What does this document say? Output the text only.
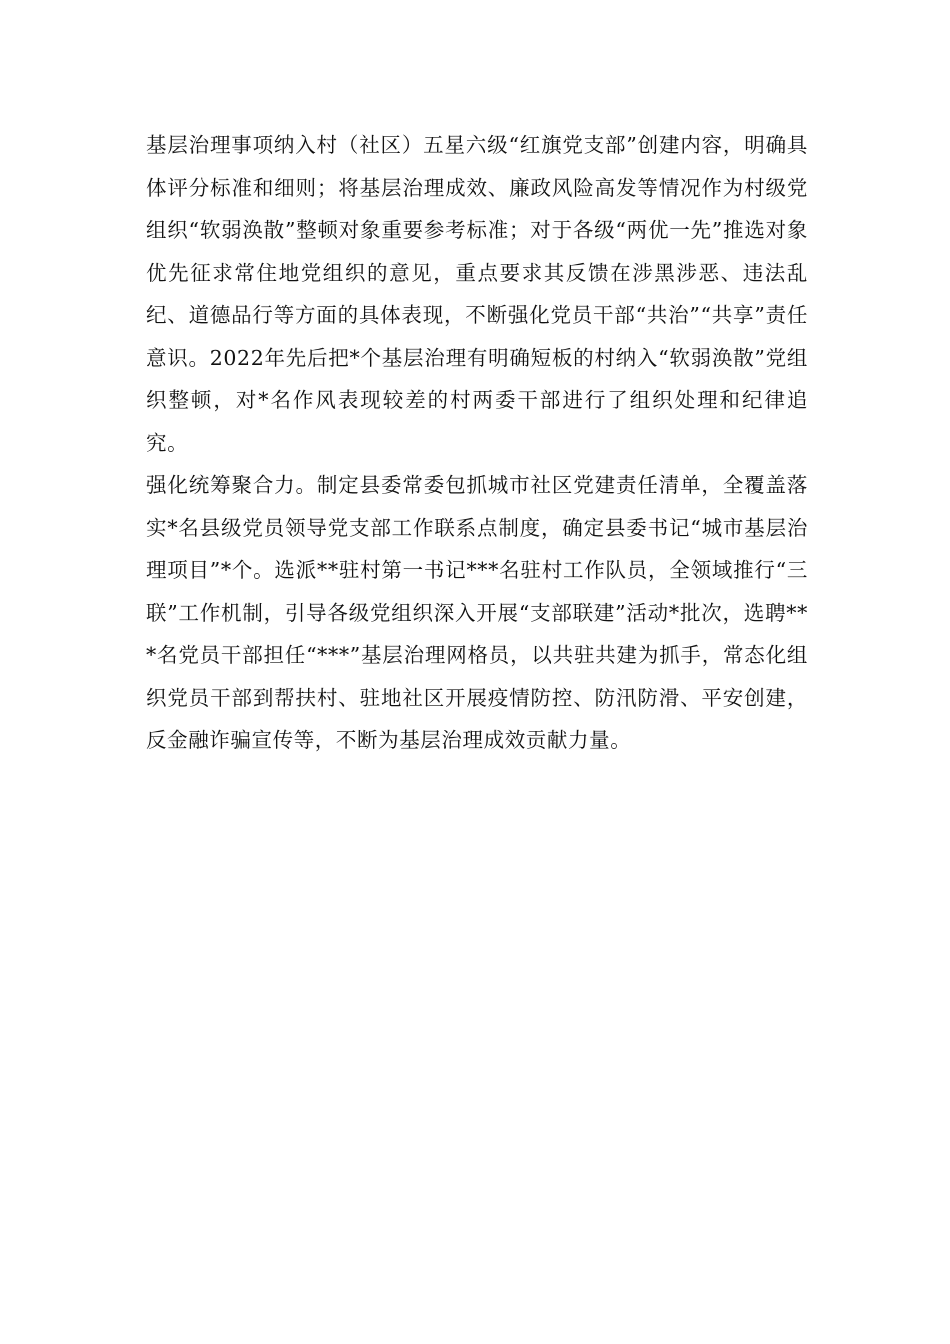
基层治理事项纳入村（社区）五星六级“红旗党支部”创建内容，明确具体评分标准和细则；将基层治理成效、廉政风险高发等情况作为村级党组织“软弱涣散”整顿对象重要参考标准；对于各级“两优一先”推选对象优先征求常住地党组织的意见，重点要求其反馈在涉黑涉恶、违法乱纪、道德品行等方面的具体表现，不断强化党员干部“共治”“共享”责任意识。2022年先后把*个基层治理有明确短板的村纳入“软弱涣散”党组织整顿，对*名作风表现较差的村两委干部进行了组织处理和纪律追究。

强化统筹聚合力。制定县委常委包抓城市社区党建责任清单，全覆盖落实*名县级党员领导党支部工作联系点制度，确定县委书记“城市基层治理项目”*个。选派**驻村第一书记***名驻村工作队员，全领域推行“三联”工作机制，引导各级党组织深入开展“支部联建”活动*批次，选聘***名党员干部担任“***”基层治理网格员，以共驻共建为抓手，常态化组织党员干部到帮扶村、驻地社区开展疫情防控、防汛防滑、平安创建，反金融诈骗宣传等，不断为基层治理成效贡献力量。
